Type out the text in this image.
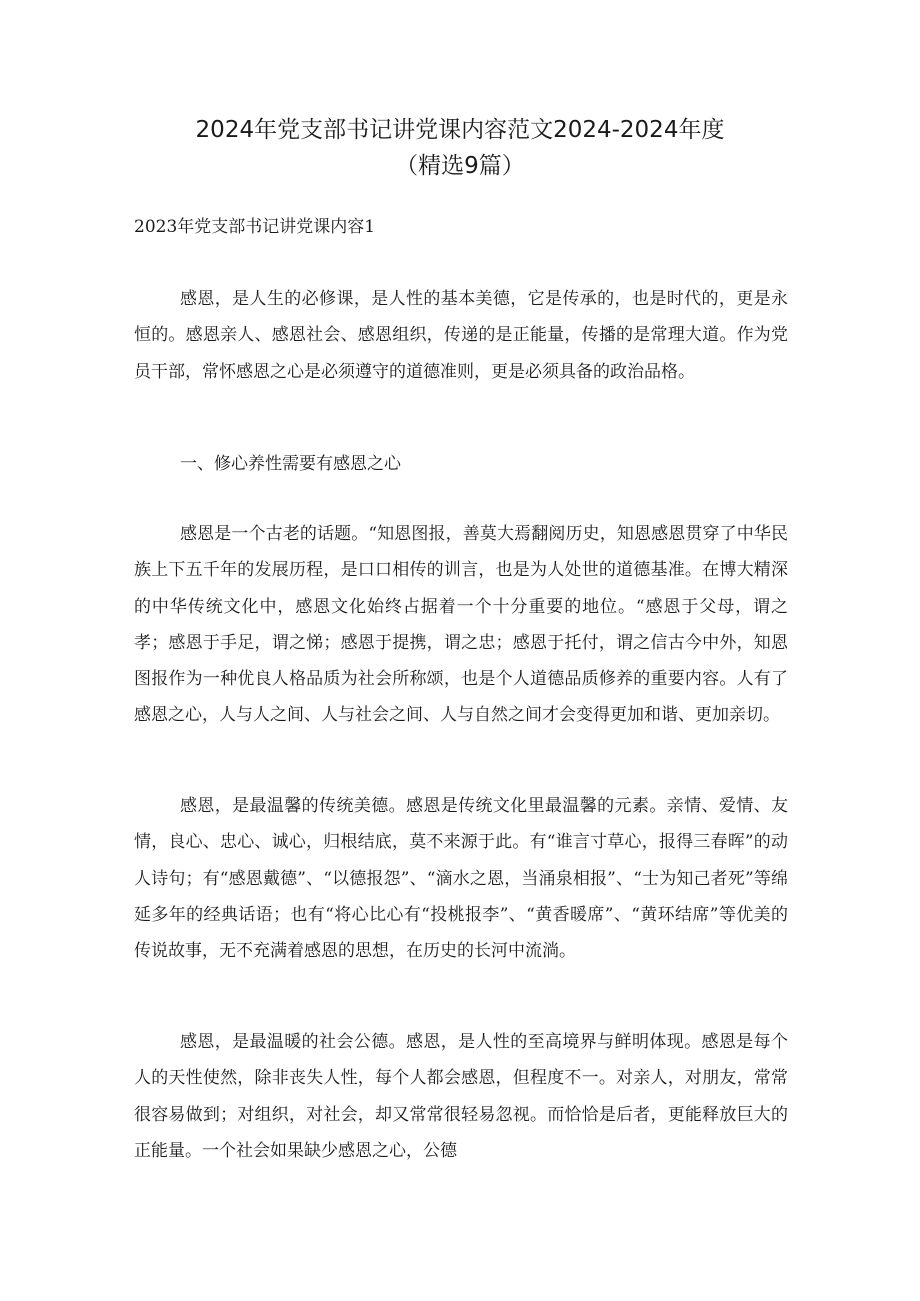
2024年党支部书记讲党课内容范文2024-2024年度
（精选9篇）

2023年党支部书记讲党课内容1

感恩，是人生的必修课，是人性的基本美德，它是传承的，也是时代的，更是永恒的。感恩亲人、感恩社会、感恩组织，传递的是正能量，传播的是常理大道。作为党员干部，常怀感恩之心是必须遵守的道德准则，更是必须具备的政治品格。

一、修心养性需要有感恩之心

感恩是一个古老的话题。“知恩图报，善莫大焉翻阅历史，知恩感恩贯穿了中华民族上下五千年的发展历程，是口口相传的训言，也是为人处世的道德基准。在博大精深的中华传统文化中，感恩文化始终占据着一个十分重要的地位。“感恩于父母，谓之孝；感恩于手足，谓之悌；感恩于提携，谓之忠；感恩于托付，谓之信古今中外，知恩图报作为一种优良人格品质为社会所称颂，也是个人道德品质修养的重要内容。人有了感恩之心，人与人之间、人与社会之间、人与自然之间才会变得更加和谐、更加亲切。

感恩，是最温馨的传统美德。感恩是传统文化里最温馨的元素。亲情、爱情、友情，良心、忠心、诚心，归根结底，莫不来源于此。有“谁言寸草心，报得三春晖”的动人诗句；有“感恩戴德”、“以德报怨”、“滴水之恩，当涌泉相报”、“士为知己者死”等绵延多年的经典话语；也有“将心比心有“投桃报李”、“黄香暖席”、“黄环结席”等优美的传说故事，无不充满着感恩的思想，在历史的长河中流淌。

感恩，是最温暖的社会公德。感恩，是人性的至高境界与鲜明体现。感恩是每个人的天性使然，除非丧失人性，每个人都会感恩，但程度不一。对亲人，对朋友，常常很容易做到；对组织，对社会，却又常常很轻易忽视。而恰恰是后者，更能释放巨大的正能量。一个社会如果缺少感恩之心，公德
